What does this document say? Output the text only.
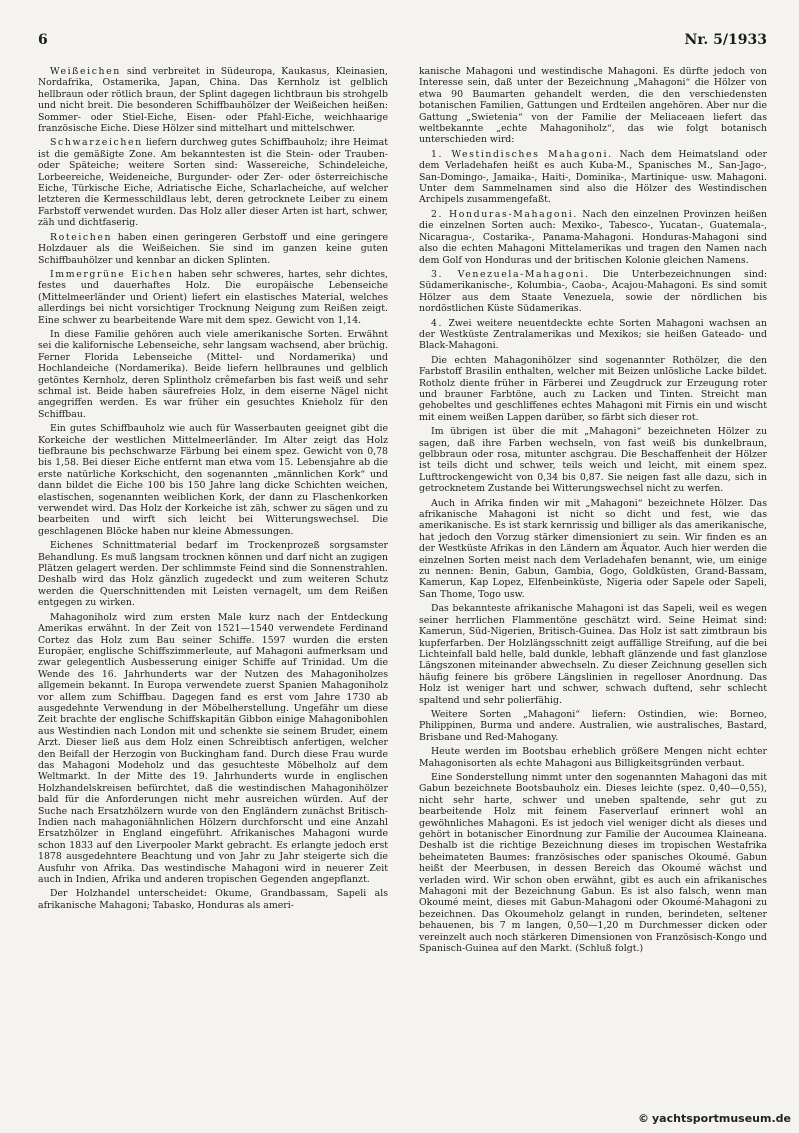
6	Nr. 5/1933

Weißeichen sind verbreitet in Südeuropa, Kaukasus, Kleinasien, Nordafrika, Ostamerika, Japan, China. Das Kernholz ist gelblich hellbraun oder rötlich braun, der Splint dagegen lichtbraun bis strohgelb und nicht breit. Die besonderen Schiffbauhölzer der Weißeichen heißen: Sommer- oder Stiel-Eiche, Eisen- oder Pfahl-Eiche, weichhaarige französische Eiche. Diese Hölzer sind mittelhart und mittelschwer.

Schwarzeichen liefern durchweg gutes Schiffbauholz; ihre Heimat ist die gemäßigte Zone. Am bekanntesten ist die Stein- oder Trauben- oder Späteiche; weitere Sorten sind: Wassereiche, Schindeleiche, Lorbeereiche, Weideneiche, Burgunder- oder Zer- oder österreichische Eiche, Türkische Eiche, Adriatische Eiche, Scharlacheiche, auf welcher letzteren die Kermesschildlaus lebt, deren getrocknete Leiber zu einem Farbstoff verwendet wurden. Das Holz aller dieser Arten ist hart, schwer, zäh und dichtfaserig.

Roteichen haben einen geringeren Gerbstoff und eine geringere Holzdauer als die Weißeichen. Sie sind im ganzen keine guten Schiffbauhölzer und kennbar an dicken Splinten.

Immergrüne Eichen haben sehr schweres, hartes, sehr dichtes, festes und dauerhaftes Holz. Die europäische Lebenseiche (Mittelmeerländer und Orient) liefert ein elastisches Material, welches allerdings bei nicht vorsichtiger Trocknung Neigung zum Reißen zeigt. Eine schwer zu bearbeitende Ware mit dem spez. Gewicht von 1,14.

In diese Familie gehören auch viele amerikanische Sorten. Erwähnt sei die kalifornische Lebenseiche, sehr langsam wachsend, aber brüchig. Ferner Florida Lebenseiche (Mittel- und Nordamerika) und Hochlandeiche (Nordamerika). Beide liefern hellbraunes und gelblich getöntes Kernholz, deren Splintholz crêmefarben bis fast weiß und sehr schmal ist. Beide haben säurefreies Holz, in dem eiserne Nägel nicht angegriffen werden. Es war früher ein gesuchtes Knieholz für den Schiffbau.

Ein gutes Schiffbauholz wie auch für Wasserbauten geeignet gibt die Korkeiche der westlichen Mittelmeerländer. Im Alter zeigt das Holz tiefbraune bis pechschwarze Färbung bei einem spez. Gewicht von 0,78 bis 1,58. Bei dieser Eiche entfernt man etwa vom 15. Lebensjahre ab die erste natürliche Korkschicht, den sogenannten „männlichen Kork“ und dann bildet die Eiche 100 bis 150 Jahre lang dicke Schichten weichen, elastischen, sogenannten weiblichen Kork, der dann zu Flaschenkorken verwendet wird. Das Holz der Korkeiche ist zäh, schwer zu sägen und zu bearbeiten und wirft sich leicht bei Witterungswechsel. Die geschlagenen Blöcke haben nur kleine Abmessungen.

Eichenes Schnittmaterial bedarf im Trockenprozeß sorgsamster Behandlung. Es muß langsam trocknen können und darf nicht an zugigen Plätzen gelagert werden. Der schlimmste Feind sind die Sonnenstrahlen. Deshalb wird das Holz gänzlich zugedeckt und zum weiteren Schutz werden die Querschnittenden mit Leisten vernagelt, um dem Reißen entgegen zu wirken.

Mahagoniholz wird zum ersten Male kurz nach der Entdeckung Amerikas erwähnt. In der Zeit von 1521—1540 verwendete Ferdinand Cortez das Holz zum Bau seiner Schiffe. 1597 wurden die ersten Europäer, englische Schiffszimmerleute, auf Mahagoni aufmerksam und zwar gelegentlich Ausbesserung einiger Schiffe auf Trinidad. Um die Wende des 16. Jahrhunderts war der Nutzen des Mahagoniholzes allgemein bekannt. In Europa verwendete zuerst Spanien Mahagoniholz vor allem zum Schiffbau. Dagegen fand es erst vom Jahre 1730 ab ausgedehnte Verwendung in der Möbelherstellung. Ungefähr um diese Zeit brachte der englische Schiffskapitän Gibbon einige Mahagonibohlen aus Westindien nach London mit und schenkte sie seinem Bruder, einem Arzt. Dieser ließ aus dem Holz einen Schreibtisch anfertigen, welcher den Beifall der Herzogin von Buckingham fand. Durch diese Frau wurde das Mahagoni Modeholz und das gesuchteste Möbelholz auf dem Weltmarkt. In der Mitte des 19. Jahrhunderts wurde in englischen Holzhandelskreisen befürchtet, daß die westindischen Mahagonihölzer bald für die Anforderungen nicht mehr ausreichen würden. Auf der Suche nach Ersatzhölzern wurde von den Engländern zunächst Britisch-Indien nach mahagoniähnlichen Hölzern durchforscht und eine Anzahl Ersatzhölzer in England eingeführt. Afrikanisches Mahagoni wurde schon 1833 auf den Liverpooler Markt gebracht. Es erlangte jedoch erst 1878 ausgedehntere Beachtung und von Jahr zu Jahr steigerte sich die Ausfuhr von Afrika. Das westindische Mahagoni wird in neuerer Zeit auch in Indien, Afrika und anderen tropischen Gegenden angepflanzt.

Der Holzhandel unterscheidet: Okume, Grandbassam, Sapeli als afrikanische Mahagoni; Tabasko, Honduras als ameri-

kanische Mahagoni und westindische Mahagoni. Es dürfte jedoch von Interesse sein, daß unter der Bezeichnung „Mahagoni“ die Hölzer von etwa 90 Baumarten gehandelt werden, die den verschiedensten botanischen Familien, Gattungen und Erdteilen angehören. Aber nur die Gattung „Swietenia“ von der Familie der Meliaceaen liefert das weltbekannte „echte Mahagoniholz“, das wie folgt botanisch unterschieden wird:

1. Westindisches Mahagoni. Nach dem Heimatsland oder dem Verladehafen heißt es auch Kuba-M., Spanisches M., San-Jago-, San-Domingo-, Jamaika-, Haiti-, Dominika-, Martinique- usw. Mahagoni. Unter dem Sammelnamen sind also die Hölzer des Westindischen Archipels zusammengefaßt.

2. Honduras-Mahagoni. Nach den einzelnen Provinzen heißen die einzelnen Sorten auch: Mexiko-, Tabesco-, Yucatan-, Guatemala-, Nicaragua-, Costarika-, Panama-Mahagoni. Honduras-Mahagoni sind also die echten Mahagoni Mittelamerikas und tragen den Namen nach dem Golf von Honduras und der britischen Kolonie gleichen Namens.

3. Venezuela-Mahagoni. Die Unterbezeichnungen sind: Südamerikanische-, Kolumbia-, Caoba-, Acajou-Mahagoni. Es sind somit Hölzer aus dem Staate Venezuela, sowie der nördlichen bis nordöstlichen Küste Südamerikas.

4. Zwei weitere neuentdeckte echte Sorten Mahagoni wachsen an der Westküste Zentralamerikas und Mexikos; sie heißen Gateado- und Black-Mahagoni.

Die echten Mahagonihölzer sind sogenannter Rothölzer, die den Farbstoff Brasilin enthalten, welcher mit Beizen unlösliche Lacke bildet. Rotholz diente früher in Färberei und Zeugdruck zur Erzeugung roter und brauner Farbtöne, auch zu Lacken und Tinten. Streicht man gehobeltes und geschliffenes echtes Mahagoni mit Firnis ein und wischt mit einem weißen Lappen darüber, so färbt sich dieser rot.

Im übrigen ist über die mit „Mahagoni“ bezeichneten Hölzer zu sagen, daß ihre Farben wechseln, von fast weiß bis dunkelbraun, gelbbraun oder rosa, mitunter aschgrau. Die Beschaffenheit der Hölzer ist teils dicht und schwer, teils weich und leicht, mit einem spez. Lufttrockengewicht von 0,34 bis 0,87. Sie neigen fast alle dazu, sich in getrocknetem Zustande bei Witterungswechsel nicht zu werfen.

Auch in Afrika finden wir mit „Mahagoni“ bezeichnete Hölzer. Das afrikanische Mahagoni ist nicht so dicht und fest, wie das amerikanische. Es ist stark kernrissig und billiger als das amerikanische, hat jedoch den Vorzug stärker dimensioniert zu sein. Wir finden es an der Westküste Afrikas in den Ländern am Äquator. Auch hier werden die einzelnen Sorten meist nach dem Verladehafen benannt, wie, um einige zu nennen: Benin, Gabun, Gambia, Gogo, Goldküsten, Grand-Bassam, Kamerun, Kap Lopez, Elfenbeinküste, Nigeria oder Sapele oder Sapeli, San Thome, Togo usw.

Das bekannteste afrikanische Mahagoni ist das Sapeli, weil es wegen seiner herrlichen Flammentöne geschätzt wird. Seine Heimat sind: Kamerun, Süd-Nigerien, Britisch-Guinea. Das Holz ist satt zimtbraun bis kupferfarben. Der Holzlängsschnitt zeigt auffällige Streifung, auf die bei Lichteinfall bald helle, bald dunkle, lebhaft glänzende und fast glanzlose Längszonen miteinander abwechseln. Zu dieser Zeichnung gesellen sich häufig feinere bis gröbere Längslinien in regelloser Anordnung. Das Holz ist weniger hart und schwer, schwach duftend, sehr schlecht spaltend und sehr polierfähig.

Weitere Sorten „Mahagoni“ liefern: Ostindien, wie: Borneo, Philippinen, Burma und andere. Australien, wie australisches, Bastard, Brisbane und Red-Mahogany.

Heute werden im Bootsbau erheblich größere Mengen nicht echter Mahagonisorten als echte Mahagoni aus Billigkeitsgründen verbaut.

Eine Sonderstellung nimmt unter den sogenannten Mahagoni das mit Gabun bezeichnete Bootsbauholz ein. Dieses leichte (spez. 0,40—0,55), nicht sehr harte, schwer und uneben spaltende, sehr gut zu bearbeitende Holz mit feinem Faserverlauf erinnert wohl an gewöhnliches Mahagoni. Es ist jedoch viel weniger dicht als dieses und gehört in botanischer Einordnung zur Familie der Aucoumea Klaineana. Deshalb ist die richtige Bezeichnung dieses im tropischen Westafrika beheimateten Baumes: französisches oder spanisches Okoumé. Gabun heißt der Meerbusen, in dessen Bereich das Okoumé wächst und verladen wird. Wir schon oben erwähnt, gibt es auch ein afrikanisches Mahagoni mit der Bezeichnung Gabun. Es ist also falsch, wenn man Okoumé meint, dieses mit Gabun-Mahagoni oder Okoumé-Mahagoni zu bezeichnen. Das Okoumeholz gelangt in runden, berindeten, seltener behauenen, bis 7 m langen, 0,50—1,20 m Durchmesser dicken oder vereinzelt auch noch stärkeren Dimensionen von Französisch-Kongo und Spanisch-Guinea auf den Markt. (Schluß folgt.)

© yachtsportmuseum.de
